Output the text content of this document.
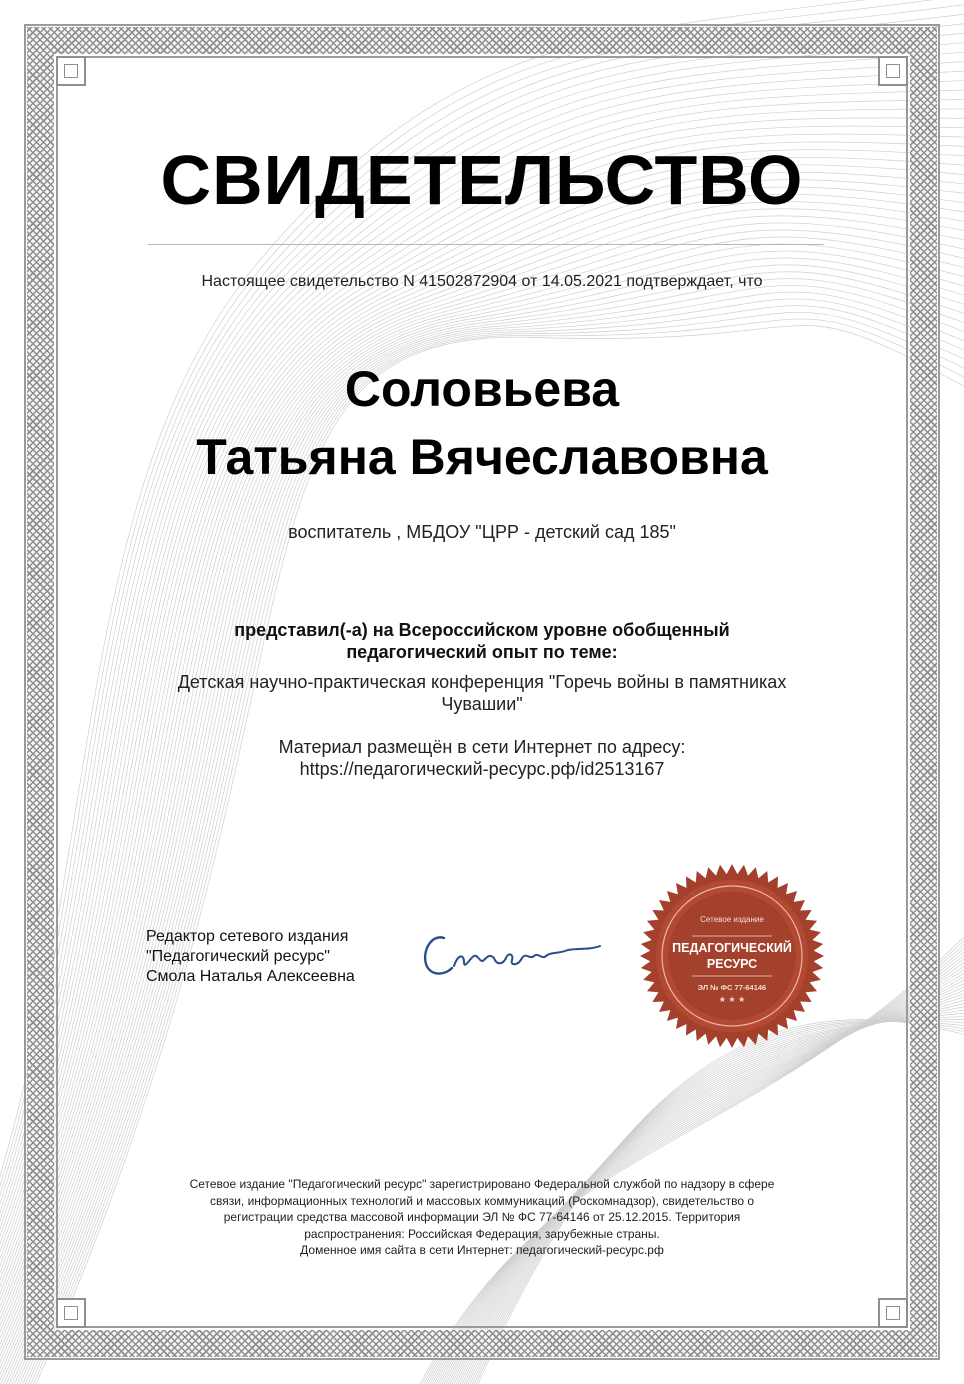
СВИДЕТЕЛЬСТВО
Настоящее свидетельство N 41502872904 от 14.05.2021 подтверждает, что
Соловьева
Татьяна Вячеславовна
воспитатель , МБДОУ "ЦРР - детский сад 185"
представил(-а) на Всероссийском уровне обобщенный
педагогический опыт по теме:
Детская научно-практическая конференция "Горечь войны в памятниках
Чувашии"
Материал размещён в сети Интернет по адресу:
https://педагогический-ресурс.рф/id2513167
Редактор сетевого издания
"Педагогический ресурс"
Смола Наталья Алексеевна
Сетевое издание
ПЕДАГОГИЧЕСКИЙ
РЕСУРС
ЭЛ № ФС 77-64146
★ ★ ★
Сетевое издание "Педагогический ресурс" зарегистрировано Федеральной службой по надзору в сфере
связи, информационных технологий и массовых коммуникаций (Роскомнадзор), свидетельство о
регистрации средства массовой информации ЭЛ № ФС 77-64146 от 25.12.2015. Территория
распространения: Российская Федерация, зарубежные страны.
Доменное имя сайта в сети Интернет: педагогический-ресурс.рф
